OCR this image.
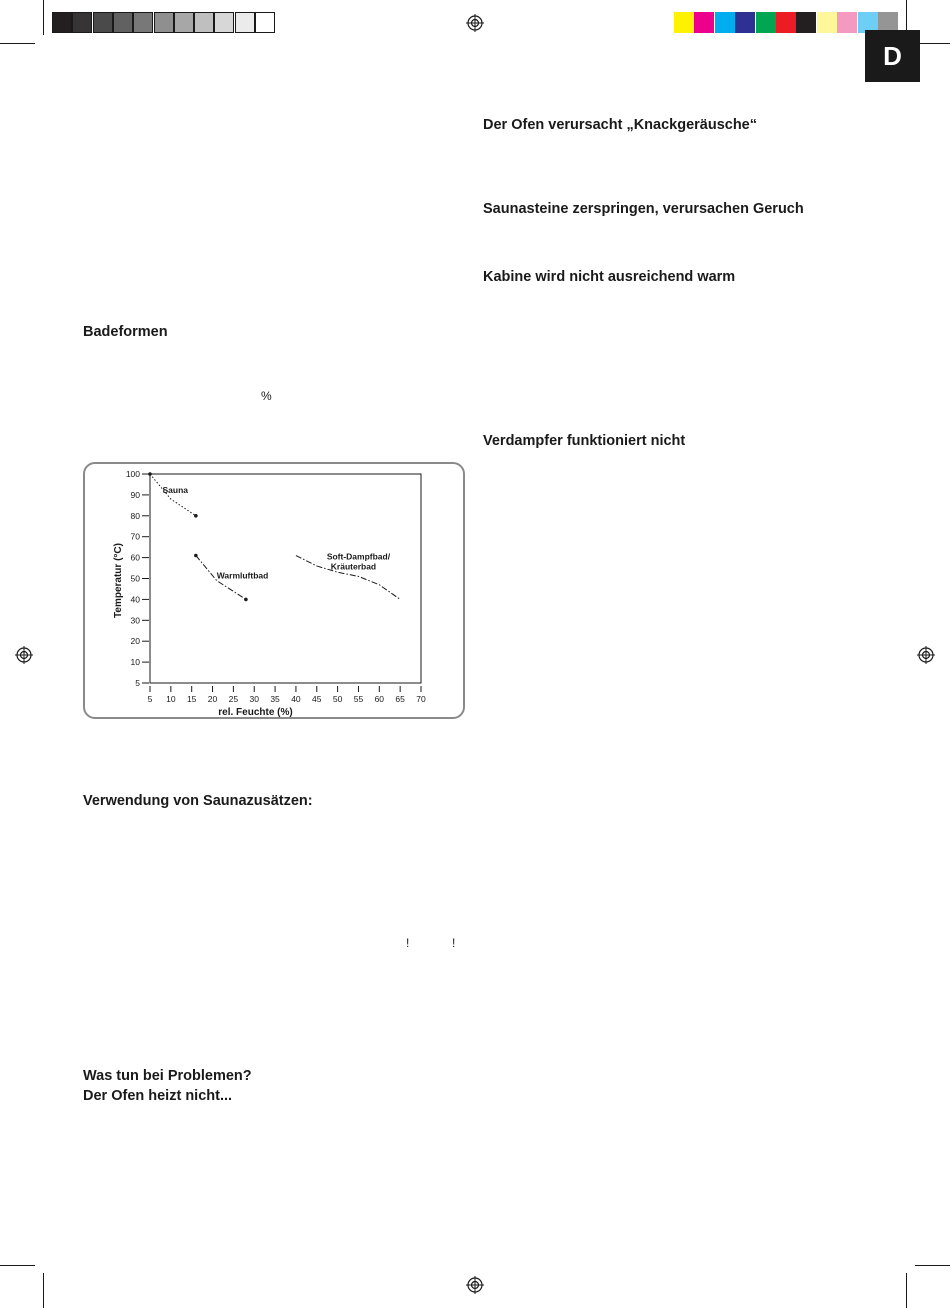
D
Badeformen
%
5
10
20
30
40
50
60
70
80
90
100
5 10 15 20 25 30 35 40 45 50 55 60 65 70
rel. Feuchte (%)
Temperatur (°C)
Sauna
Warmluftbad
Soft-Dampfbad/
Kräuterbad
Verwendung von Saunazusätzen:
!	!
Was tun bei Problemen?
Der Ofen heizt nicht...
Der Ofen verursacht „Knackgeräusche“
Saunasteine zerspringen, verursachen Geruch
Kabine wird nicht ausreichend warm
Verdampfer funktioniert nicht
